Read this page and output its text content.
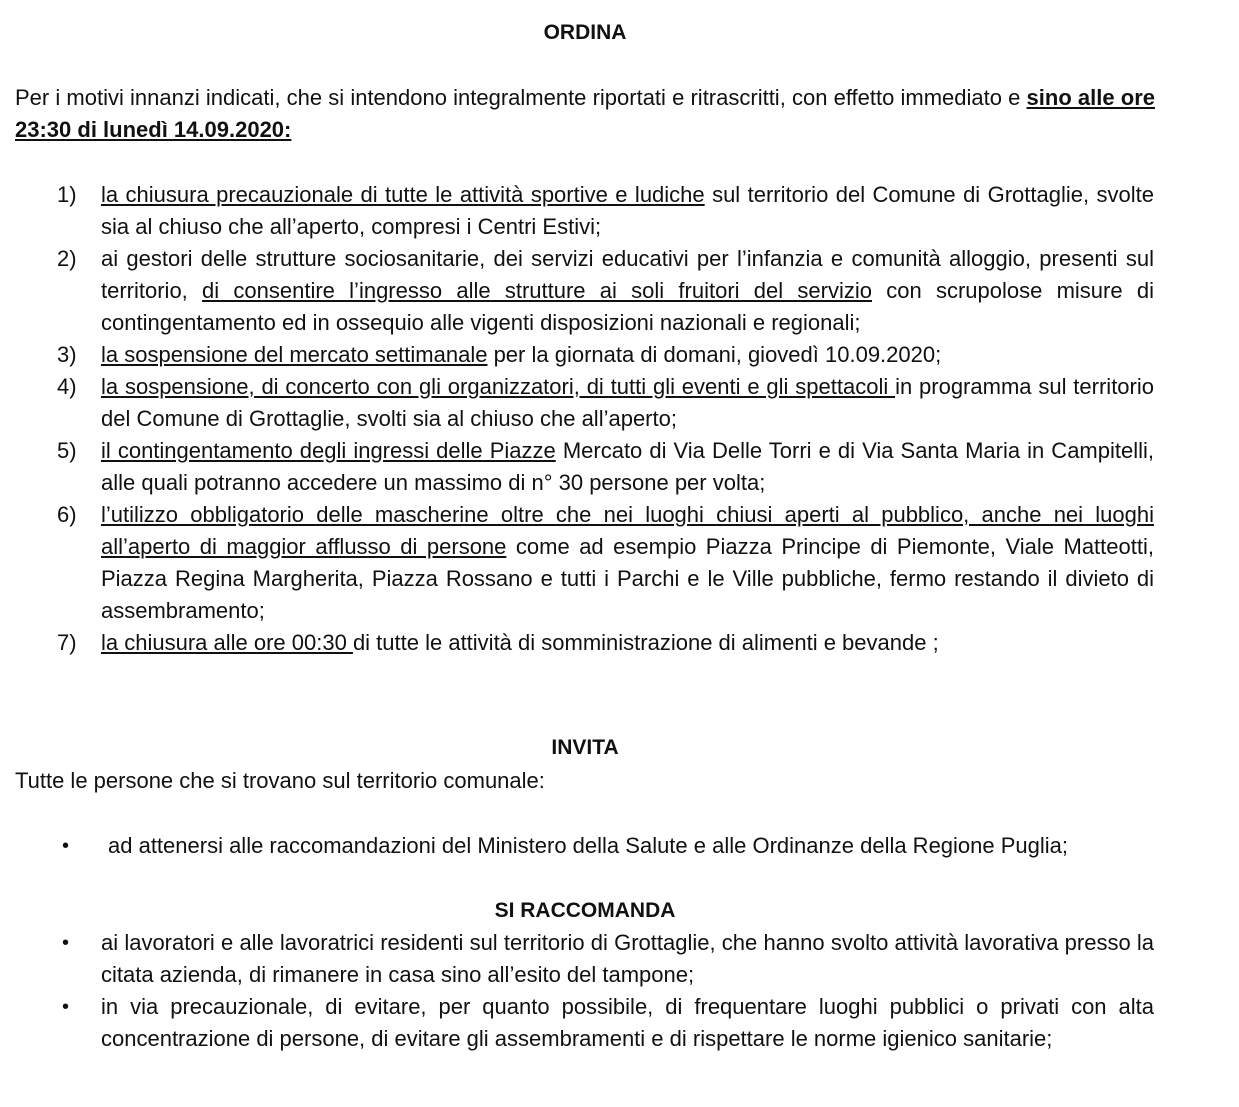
ORDINA
Per i motivi innanzi indicati, che si intendono integralmente riportati e ritrascritti, con effetto immediato e sino alle ore 23:30 di lunedì 14.09.2020:
1) la chiusura precauzionale di tutte le attività sportive e ludiche sul territorio del Comune di Grottaglie, svolte sia al chiuso che all’aperto, compresi i Centri Estivi;
2) ai gestori delle strutture sociosanitarie, dei servizi educativi per l’infanzia e comunità alloggio, presenti sul territorio, di consentire l’ingresso alle strutture ai soli fruitori del servizio con scrupolose misure di contingentamento ed in ossequio alle vigenti disposizioni nazionali e regionali;
3) la sospensione del mercato settimanale per la giornata di domani, giovedì 10.09.2020;
4) la sospensione, di concerto con gli organizzatori, di tutti gli eventi e gli spettacoli in programma sul territorio del Comune di Grottaglie, svolti sia al chiuso che all’aperto;
5) il contingentamento degli ingressi delle Piazze Mercato di Via Delle Torri e di Via Santa Maria in Campitelli, alle quali potranno accedere un massimo di n° 30 persone per volta;
6) l’utilizzo obbligatorio delle mascherine oltre che nei luoghi chiusi aperti al pubblico, anche nei luoghi all’aperto di maggior afflusso di persone come ad esempio Piazza Principe di Piemonte, Viale Matteotti, Piazza Regina Margherita, Piazza Rossano e tutti i Parchi e le Ville pubbliche, fermo restando il divieto di assembramento;
7) la chiusura alle ore 00:30 di tutte le attività di somministrazione di alimenti e bevande ;
INVITA
Tutte le persone che si trovano sul territorio comunale:
• ad attenersi alle raccomandazioni del Ministero della Salute e alle Ordinanze della Regione Puglia;
SI RACCOMANDA
• ai lavoratori e alle lavoratrici residenti sul territorio di Grottaglie, che hanno svolto attività lavorativa presso la citata azienda, di rimanere in casa sino all’esito del tampone;
• in via precauzionale, di evitare, per quanto possibile, di frequentare luoghi pubblici o privati con alta concentrazione di persone, di evitare gli assembramenti e di rispettare le norme igienico sanitarie;
